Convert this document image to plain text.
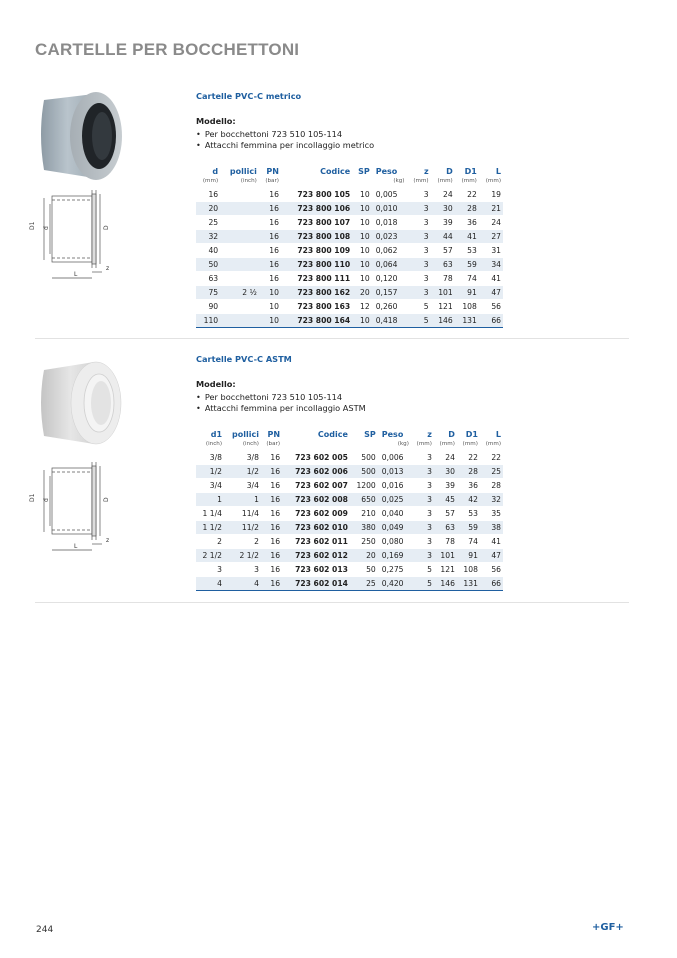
CARTELLE PER BOCCHETTONI
D1 d	D
L
z
Cartelle PVC-C metrico
Modello:
• Per bocchettoni 723 510 105-114
• Attacchi femmina per incollaggio metrico
d	pollici	PN	Codice	SP	Peso	z	D	D1	L
(mm)	(inch)	(bar)			(kg)	(mm)	(mm)	(mm)	(mm)
16		16	723 800 105	10	0,005	3	24	22	19
20		16	723 800 106	10	0,010	3	30	28	21
25		16	723 800 107	10	0,018	3	39	36	24
32		16	723 800 108	10	0,023	3	44	41	27
40		16	723 800 109	10	0,062	3	57	53	31
50		16	723 800 110	10	0,064	3	63	59	34
63		16	723 800 111	10	0,120	3	78	74	41
75	2 ½	10	723 800 162	20	0,157	3	101	91	47
90		10	723 800 163	12	0,260	5	121	108	56
110		10	723 800 164	10	0,418	5	146	131	66
D1 d	D
L
z
Cartelle PVC-C ASTM
Modello:
• Per bocchettoni 723 510 105-114
• Attacchi femmina per incollaggio ASTM
d1	pollici	PN	Codice	SP	Peso	z	D	D1	L
(inch)	(inch)	(bar)			(kg)	(mm)	(mm)	(mm)	(mm)
3/8	3/8	16	723 602 005	500	0,006	3	24	22	22
1/2	1/2	16	723 602 006	500	0,013	3	30	28	25
3/4	3/4	16	723 602 007	1200	0,016	3	39	36	28
1	1	16	723 602 008	650	0,025	3	45	42	32
1 1/4	11/4	16	723 602 009	210	0,040	3	57	53	35
1 1/2	11/2	16	723 602 010	380	0,049	3	63	59	38
2	2	16	723 602 011	250	0,080	3	78	74	41
2 1/2	2 1/2	16	723 602 012	20	0,169	3	101	91	47
3	3	16	723 602 013	50	0,275	5	121	108	56
4	4	16	723 602 014	25	0,420	5	146	131	66
244	+GF+
